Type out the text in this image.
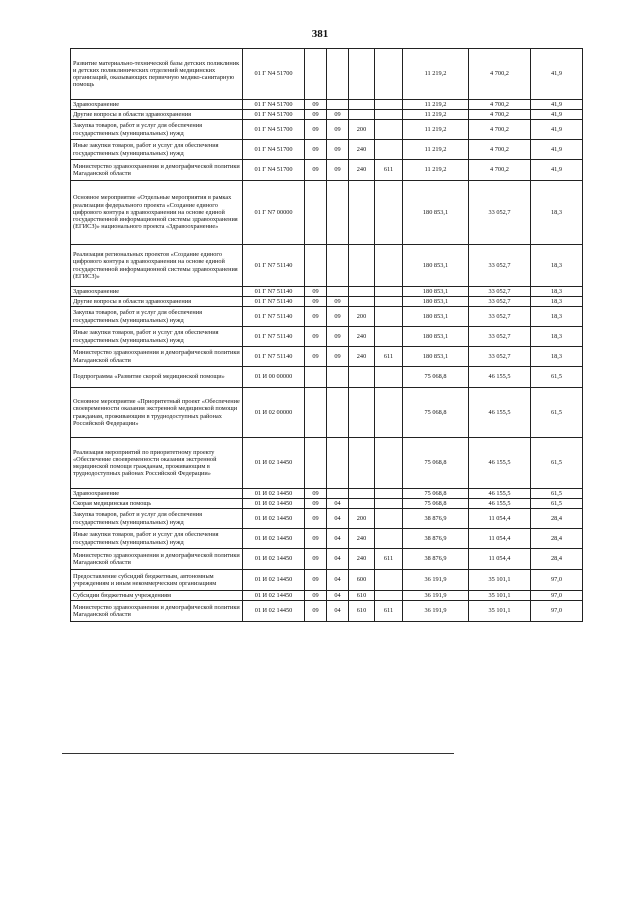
381
Развитие материально-технической базы детских поликлиник и детских поликлинических отделений медицинских организаций, оказывающих первичную медико-санитарную помощь	01 Г N4 51700					11 219,2	4 700,2	41,9
Здравоохранение	01 Г N4 51700	09				11 219,2	4 700,2	41,9
Другие вопросы в области здравоохранения	01 Г N4 51700	09	09			11 219,2	4 700,2	41,9
Закупка товаров, работ и услуг для обеспечения государственных (муниципальных) нужд	01 Г N4 51700	09	09	200		11 219,2	4 700,2	41,9
Иные закупки товаров, работ и услуг для обеспечения государственных (муниципальных) нужд	01 Г N4 51700	09	09	240		11 219,2	4 700,2	41,9
Министерство здравоохранения и демографической политики Магаданской области	01 Г N4 51700	09	09	240	611	11 219,2	4 700,2	41,9
Основное мероприятие «Отдельные мероприятия в рамках реализации федерального проекта «Создание единого цифрового контура в здравоохранении на основе единой государственной информационной системы здравоохранения (ЕГИСЗ)» национального проекта «Здравоохранение»	01 Г N7 00000					180 853,1	33 052,7	18,3
Реализация региональных проектов «Создание единого цифрового контура в здравоохранении на основе единой государственной информационной системы здравоохранения (ЕГИСЗ)»	01 Г N7 51140					180 853,1	33 052,7	18,3
Здравоохранение	01 Г N7 51140	09				180 853,1	33 052,7	18,3
Другие вопросы в области здравоохранения	01 Г N7 51140	09	09			180 853,1	33 052,7	18,3
Закупка товаров, работ и услуг для обеспечения государственных (муниципальных) нужд	01 Г N7 51140	09	09	200		180 853,1	33 052,7	18,3
Иные закупки товаров, работ и услуг для обеспечения государственных (муниципальных) нужд	01 Г N7 51140	09	09	240		180 853,1	33 052,7	18,3
Министерство здравоохранения и демографической политики Магаданской области	01 Г N7 51140	09	09	240	611	180 853,1	33 052,7	18,3
Подпрограмма «Развитие скорой медицинской помощи»	01 И 00 00000					75 068,8	46 155,5	61,5
Основное мероприятие «Приоритетный проект «Обеспечение своевременности оказания экстренной медицинской помощи гражданам, проживающим в труднодоступных районах Российской Федерации»	01 И 02 00000					75 068,8	46 155,5	61,5
Реализация мероприятий по приоритетному проекту «Обеспечение своевременности оказания экстренной медицинской помощи гражданам, проживающим в труднодоступных районах Российской Федерации»	01 И 02 14450					75 068,8	46 155,5	61,5
Здравоохранение	01 И 02 14450	09				75 068,8	46 155,5	61,5
Скорая медицинская помощь	01 И 02 14450	09	04			75 068,8	46 155,5	61,5
Закупка товаров, работ и услуг для обеспечения государственных (муниципальных) нужд	01 И 02 14450	09	04	200		38 876,9	11 054,4	28,4
Иные закупки товаров, работ и услуг для обеспечения государственных (муниципальных) нужд	01 И 02 14450	09	04	240		38 876,9	11 054,4	28,4
Министерство здравоохранения и демографической политики Магаданской области	01 И 02 14450	09	04	240	611	38 876,9	11 054,4	28,4
Предоставление субсидий бюджетным, автономным учреждениям и иным некоммерческим организациям	01 И 02 14450	09	04	600		36 191,9	35 101,1	97,0
Субсидии бюджетным учреждениям	01 И 02 14450	09	04	610		36 191,9	35 101,1	97,0
Министерство здравоохранения и демографической политики Магаданской области	01 И 02 14450	09	04	610	611	36 191,9	35 101,1	97,0
